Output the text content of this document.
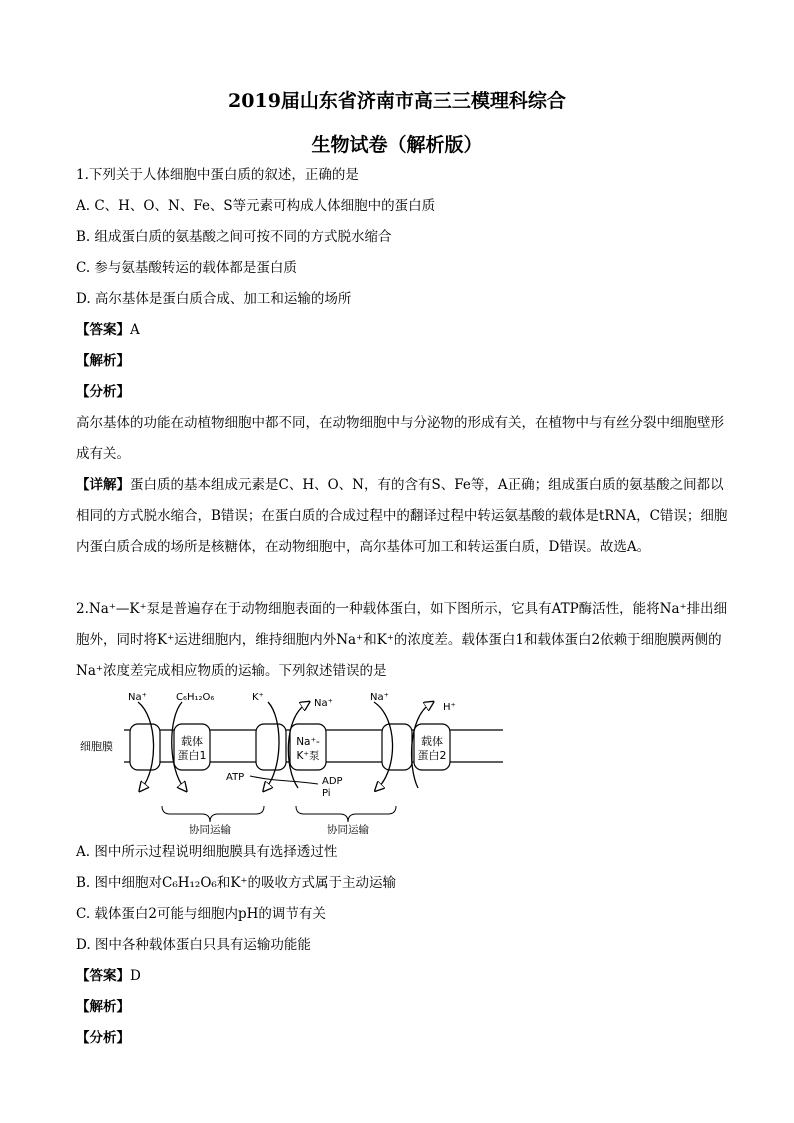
2019届山东省济南市高三三模理科综合
生物试卷（解析版）
1.下列关于人体细胞中蛋白质的叙述，正确的是
A. C、H、O、N、Fe、S等元素可构成人体细胞中的蛋白质
B. 组成蛋白质的氨基酸之间可按不同的方式脱水缩合
C. 参与氨基酸转运的载体都是蛋白质
D. 高尔基体是蛋白质合成、加工和运输的场所
【答案】A
【解析】
【分析】
高尔基体的功能在动植物细胞中都不同，在动物细胞中与分泌物的形成有关，在植物中与有丝分裂中细胞壁形成有关。
【详解】蛋白质的基本组成元素是C、H、O、N，有的含有S、Fe等，A正确；组成蛋白质的氨基酸之间都以相同的方式脱水缩合，B错误；在蛋白质的合成过程中的翻译过程中转运氨基酸的载体是tRNA，C错误；细胞内蛋白质合成的场所是核糖体，在动物细胞中，高尔基体可加工和转运蛋白质，D错误。故选A。
2.Na⁺—K⁺泵是普遍存在于动物细胞表面的一种载体蛋白，如下图所示，它具有ATP酶活性，能将Na⁺排出细胞外，同时将K⁺运进细胞内，维持细胞内外Na⁺和K⁺的浓度差。载体蛋白1和载体蛋白2依赖于细胞膜两侧的Na⁺浓度差完成相应物质的运输。下列叙述错误的是
细胞膜	载体
蛋白1
Na⁺-
K⁺泵
载体
蛋白2
Na⁺	C₆H₁₂O₆	K⁺
Na⁺
Na⁺
H⁺
ATP	ADP
Pi
协同运输	协同运输
A. 图中所示过程说明细胞膜具有选择透过性
B. 图中细胞对C₆H₁₂O₆和K⁺的吸收方式属于主动运输
C. 载体蛋白2可能与细胞内pH的调节有关
D. 图中各种载体蛋白只具有运输功能能
【答案】D
【解析】
【分析】
